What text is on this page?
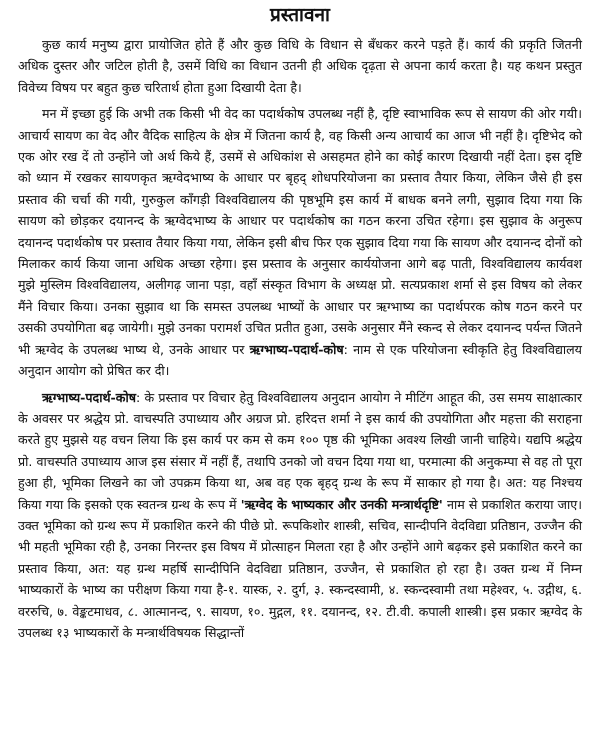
प्रस्तावना

कुछ कार्य मनुष्य द्वारा प्रायोजित होते हैं और कुछ विधि के विधान से बँधकर करने पड़ते हैं। कार्य की प्रकृति जितनी अधिक दुस्तर और जटिल होती है, उसमें विधि का विधान उतनी ही अधिक दृढ़ता से अपना कार्य करता है। यह कथन प्रस्तुत विवेच्य विषय पर बहुत कुछ चरितार्थ होता हुआ दिखायी देता है।

मन में इच्छा हुई कि अभी तक किसी भी वेद का पदार्थकोष उपलब्ध नहीं है, दृष्टि स्वाभाविक रूप से सायण की ओर गयी। आचार्य सायण का वेद और वैदिक साहित्य के क्षेत्र में जितना कार्य है, वह किसी अन्य आचार्य का आज भी नहीं है। दृष्टिभेद को एक ओर रख दें तो उन्होंने जो अर्थ किये हैं, उसमें से अधिकांश से असहमत होने का कोई कारण दिखायी नहीं देता। इस दृष्टि को ध्यान में रखकर सायणकृत ऋग्वेदभाष्य के आधार पर बृहद् शोधपरियोजना का प्रस्ताव तैयार किया, लेकिन जैसे ही इस प्रस्ताव की चर्चा की गयी, गुरुकुल काँगड़ी विश्वविद्यालय की पृष्ठभूमि इस कार्य में बाधक बनने लगी, सुझाव दिया गया कि सायण को छोड़कर दयानन्द के ऋग्वेदभाष्य के आधार पर पदार्थकोष का गठन करना उचित रहेगा। इस सुझाव के अनुरूप दयानन्द पदार्थकोष पर प्रस्ताव तैयार किया गया, लेकिन इसी बीच फिर एक सुझाव दिया गया कि सायण और दयानन्द दोनों को मिलाकर कार्य किया जाना अधिक अच्छा रहेगा। इस प्रस्ताव के अनुसार कार्ययोजना आगे बढ़ पाती, विश्वविद्यालय कार्यवश मुझे मुस्लिम विश्वविद्यालय, अलीगढ़ जाना पड़ा, वहाँ संस्कृत विभाग के अध्यक्ष प्रो. सत्यप्रकाश शर्मा से इस विषय को लेकर मैंने विचार किया। उनका सुझाव था कि समस्त उपलब्ध भाष्यों के आधार पर ऋग्भाष्य का पदार्थपरक कोष गठन करने पर उसकी उपयोगिता बढ़ जायेगी। मुझे उनका परामर्श उचित प्रतीत हुआ, उसके अनुसार मैंने स्कन्द से लेकर दयानन्द पर्यन्त जितने भी ऋग्वेद के उपलब्ध भाष्य थे, उनके आधार पर ऋग्भाष्य-पदार्थ-कोष: नाम से एक परियोजना स्वीकृति हेतु विश्वविद्यालय अनुदान आयोग को प्रेषित कर दी।

ऋग्भाष्य-पदार्थ-कोष: के प्रस्ताव पर विचार हेतु विश्वविद्यालय अनुदान आयोग ने मीटिंग आहूत की, उस समय साक्षात्कार के अवसर पर श्रद्धेय प्रो. वाचस्पति उपाध्याय और अग्रज प्रो. हरिदत्त शर्मा ने इस कार्य की उपयोगिता और महत्ता की सराहना करते हुए मुझसे यह वचन लिया कि इस कार्य पर कम से कम १०० पृष्ठ की भूमिका अवश्य लिखी जानी चाहिये। यद्यपि श्रद्धेय प्रो. वाचस्पति उपाध्याय आज इस संसार में नहीं हैं, तथापि उनको जो वचन दिया गया था, परमात्मा की अनुकम्पा से वह तो पूरा हुआ ही, भूमिका लिखने का जो उपक्रम किया था, अब वह एक बृहद् ग्रन्थ के रूप में साकार हो गया है। अत: यह निश्चय किया गया कि इसको एक स्वतन्त्र ग्रन्थ के रूप में 'ऋग्वेद के भाष्यकार और उनकी मन्त्रार्थदृष्टि' नाम से प्रकाशित कराया जाए। उक्त भूमिका को ग्रन्थ रूप में प्रकाशित करने की पीछे प्रो. रूपकिशोर शास्त्री, सचिव, सान्दीपनि वेदविद्या प्रतिष्ठान, उज्जैन की भी महती भूमिका रही है, उनका निरन्तर इस विषय में प्रोत्साहन मिलता रहा है और उन्होंने आगे बढ़कर इसे प्रकाशित करने का प्रस्ताव किया, अत: यह ग्रन्थ महर्षि सान्दीपिनि वेदविद्या प्रतिष्ठान, उज्जैन, से प्रकाशित हो रहा है। उक्त ग्रन्थ में निम्न भाष्यकारों के भाष्य का परीक्षण किया गया है-१. यास्क, २. दुर्ग, ३. स्कन्दस्वामी, ४. स्कन्दस्वामी तथा महेश्वर, ५. उद्गीथ, ६. वररुचि, ७. वेङ्कटमाधव, ८. आत्मानन्द, ९. सायण, १०. मुद्गल, ११. दयानन्द, १२. टी.वी. कपाली शास्त्री। इस प्रकार ऋग्वेद के उपलब्ध १३ भाष्यकारों के मन्त्रार्थविषयक सिद्धान्तों
